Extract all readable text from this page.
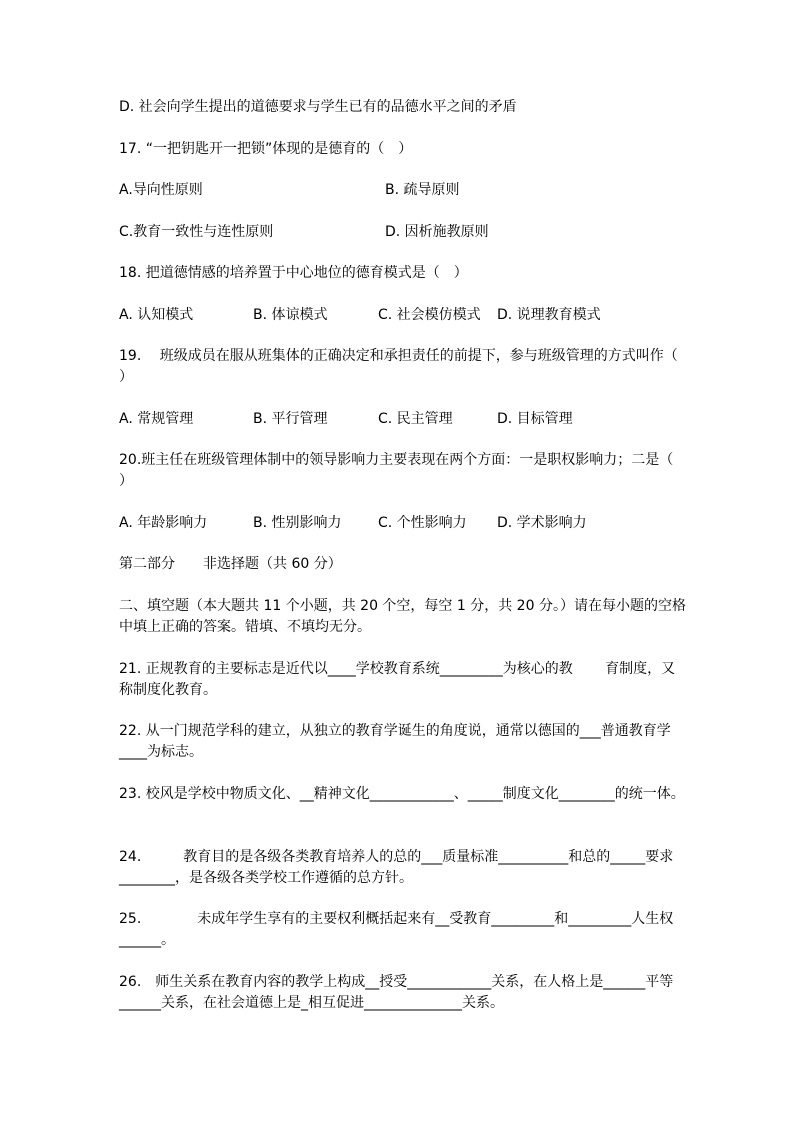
D. 社会向学生提出的道德要求与学生已有的品德水平之间的矛盾
17. “一把钥匙开一把锁”体现的是德育的（　）
A.导向性原则	B. 疏导原则
C.教育一致性与连性原则	D. 因析施教原则
18. 把道德情感的培养置于中心地位的德育模式是（　）
A. 认知模式	B. 体谅模式	C. 社会模仿模式 D. 说理教育模式
19.　 班级成员在服从班集体的正确决定和承担责任的前提下，参与班级管理的方式叫作（
）
A. 常规管理	B. 平行管理	C. 民主管理	D. 目标管理
20.班主任在班级管理体制中的领导影响力主要表现在两个方面：一是职权影响力；二是（
）
A. 年龄影响力	B. 性别影响力	C. 个性影响力 D. 学术影响力
第二部分　　非选择题（共 60 分）
二、填空题（本大题共 11 个小题，共 20 个空，每空 1 分，共 20 分。）请在每小题的空格
中填上正确的答案。错填、不填均无分。
21. 正规教育的主要标志是近代以____学校教育系统_________为核心的教　　 育制度，又
称制度化教育。
22. 从一门规范学科的建立，从独立的教育学诞生的角度说，通常以德国的___普通教育学
____为标志。
23. 校风是学校中物质文化、__精神文化____________、_____制度文化________的统一体。
24.　　　教育目的是各级各类教育培养人的总的___质量标准__________和总的_____要求
________，是各级各类学校工作遵循的总方针。
25.　　　　未成年学生享有的主要权利概括起来有__受教育_________和_________人生权
______。
26.　师生关系在教育内容的教学上构成__授受____________关系，在人格上是______平等
______关系，在社会道德上是_相互促进______________关系。
